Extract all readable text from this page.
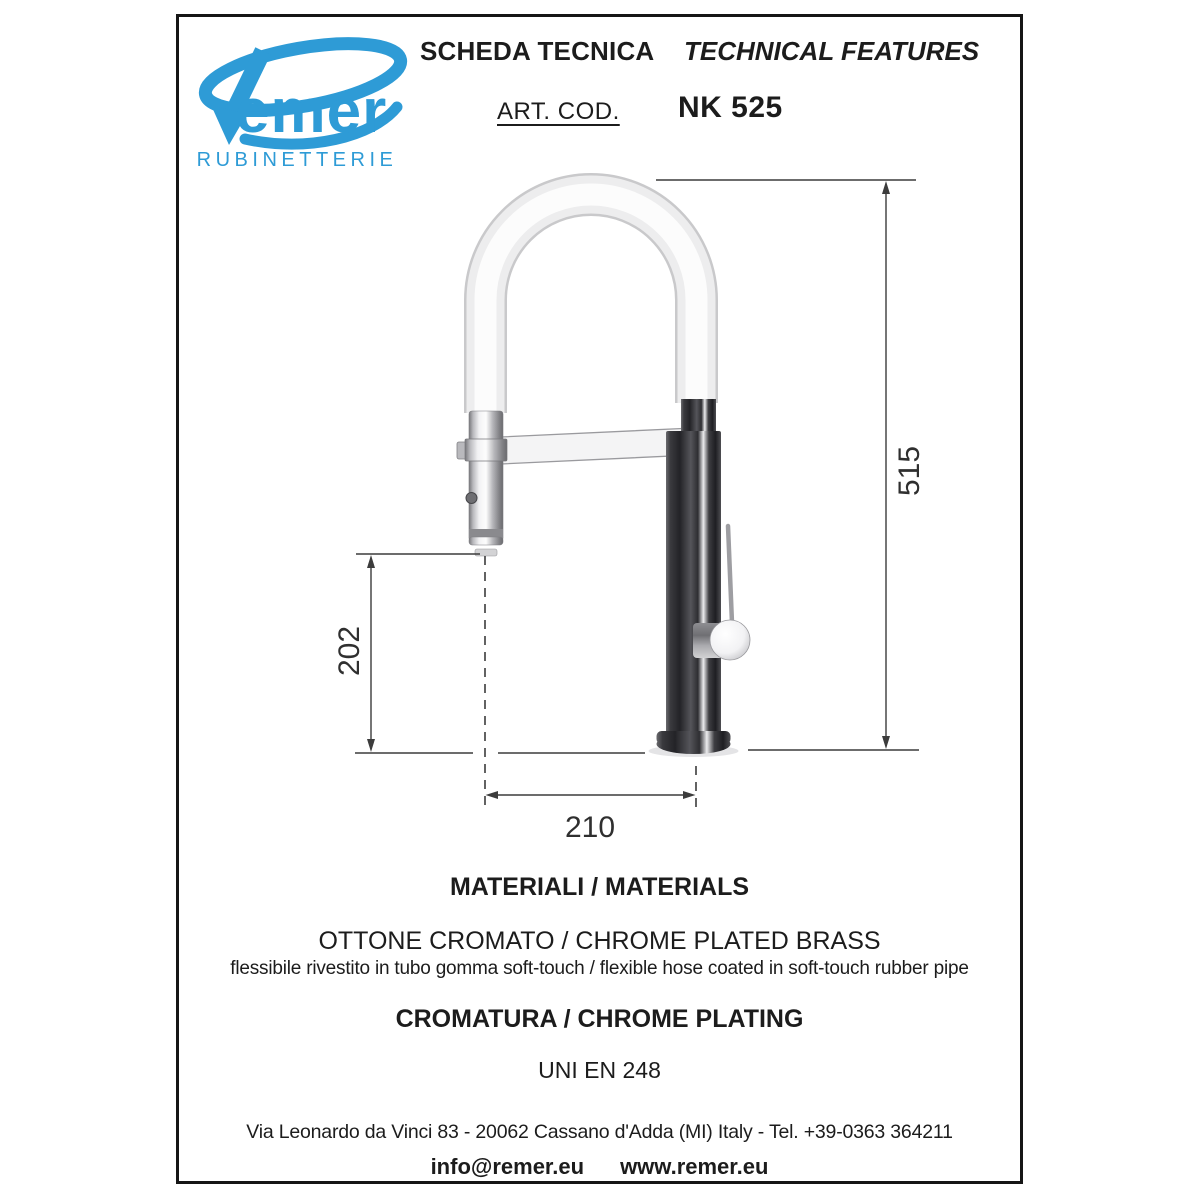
emer
RUBINETTERIE
SCHEDA TECNICA TECHNICAL FEATURES
ART. COD. NK 525
515
202
210
MATERIALI / MATERIALS
OTTONE CROMATO / CHROME PLATED BRASS
flessibile rivestito in tubo gomma soft-touch / flexible hose coated in soft-touch rubber pipe
CROMATURA / CHROME PLATING
UNI EN 248
Via Leonardo da Vinci 83 - 20062 Cassano d'Adda (MI) Italy - Tel. +39-0363 364211
info@remer.eu www.remer.eu
